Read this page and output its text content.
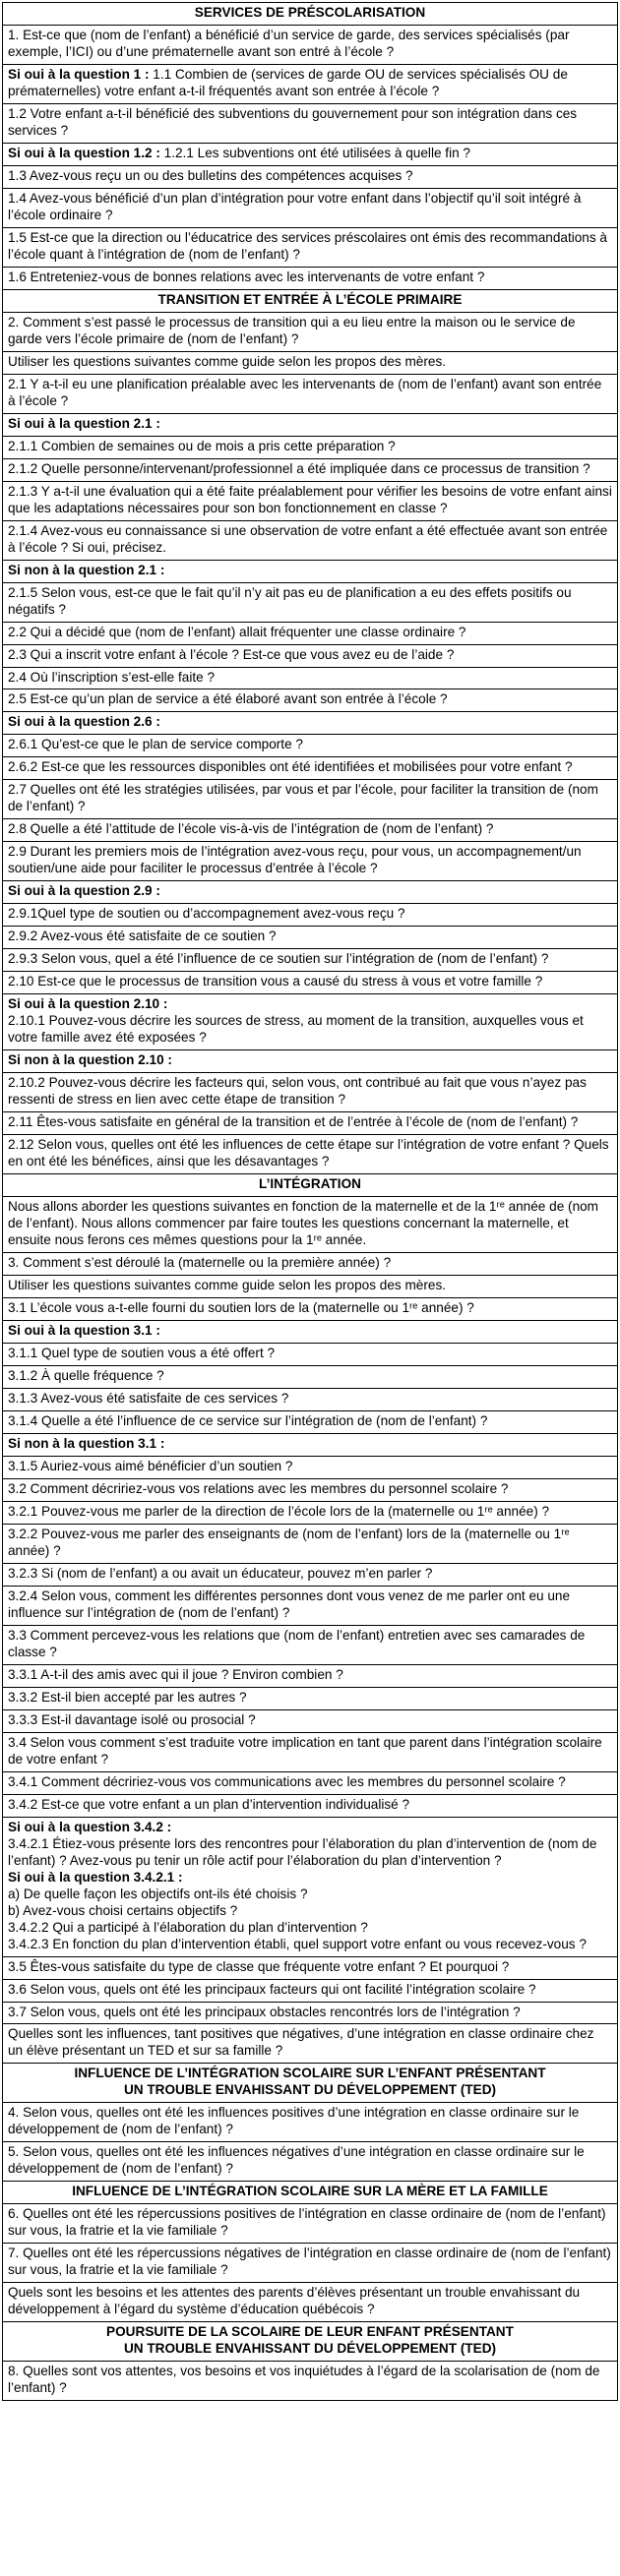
SERVICES DE PRÉSCOLARISATION
1. Est-ce que (nom de l’enfant) a bénéficié d’un service de garde, des services spécialisés (par exemple, l’ICI) ou d’une prématernelle avant son entré à l’école ?
Si oui à la question 1 : 1.1 Combien de (services de garde OU de services spécialisés OU de prématernelles) votre enfant a-t-il fréquentés avant son entrée à l’école ?
1.2 Votre enfant a-t-il bénéficié des subventions du gouvernement pour son intégration dans ces services ?
Si oui à la question 1.2 : 1.2.1 Les subventions ont été utilisées à quelle fin ?
1.3 Avez-vous reçu un ou des bulletins des compétences acquises ?
1.4 Avez-vous bénéficié d’un plan d’intégration pour votre enfant dans l’objectif qu’il soit intégré à l’école ordinaire ?
1.5 Est-ce que la direction ou l’éducatrice des services préscolaires ont émis des recommandations à l’école quant à l’intégration de (nom de l’enfant) ?
1.6 Entreteniez-vous de bonnes relations avec les intervenants de votre enfant ?
TRANSITION ET ENTRÉE À L’ÉCOLE PRIMAIRE
2. Comment s’est passé le processus de transition qui a eu lieu entre la maison ou le service de garde vers l’école primaire de (nom de l’enfant) ?
Utiliser les questions suivantes comme guide selon les propos des mères.
2.1 Y a-t-il eu une planification préalable avec les intervenants de (nom de l’enfant) avant son entrée à l’école ?
Si oui à la question 2.1 :
2.1.1 Combien de semaines ou de mois a pris cette préparation ?
2.1.2 Quelle personne/intervenant/professionnel a été impliquée dans ce processus de transition ?
2.1.3 Y a-t-il une évaluation qui a été faite préalablement pour vérifier les besoins de votre enfant ainsi que les adaptations nécessaires pour son bon fonctionnement en classe ?
2.1.4 Avez-vous eu connaissance si une observation de votre enfant a été effectuée avant son entrée à l’école ? Si oui, précisez.
Si non à la question 2.1 :
2.1.5 Selon vous, est-ce que le fait qu’il n’y ait pas eu de planification a eu des effets positifs ou négatifs ?
2.2 Qui a décidé que (nom de l’enfant) allait fréquenter une classe ordinaire ?
2.3 Qui a inscrit votre enfant à l’école ? Est-ce que vous avez eu de l’aide ?
2.4 Où l’inscription s’est-elle faite ?
2.5 Est-ce qu’un plan de service a été élaboré avant son entrée à l’école ?
Si oui à la question 2.6 :
2.6.1 Qu’est-ce que le plan de service comporte ?
2.6.2 Est-ce que les ressources disponibles ont été identifiées et mobilisées pour votre enfant ?
2.7 Quelles ont été les stratégies utilisées, par vous et par l’école, pour faciliter la transition de (nom de l’enfant) ?
2.8 Quelle a été l’attitude de l’école vis-à-vis de l’intégration de (nom de l’enfant) ?
2.9 Durant les premiers mois de l’intégration avez-vous reçu, pour vous, un accompagnement/un soutien/une aide pour faciliter le processus d’entrée à l’école ?
Si oui à la question 2.9 :
2.9.1Quel type de soutien ou d’accompagnement avez-vous reçu ?
2.9.2 Avez-vous été satisfaite de ce soutien ?
2.9.3 Selon vous, quel a été l’influence de ce soutien sur l’intégration de (nom de l’enfant) ?
2.10 Est-ce que le processus de transition vous a causé du stress à vous et votre famille ?
Si oui à la question 2.10 :
2.10.1 Pouvez-vous décrire les sources de stress, au moment de la transition, auxquelles vous et votre famille avez été exposées ?
Si non à la question 2.10 :
2.10.2 Pouvez-vous décrire les facteurs qui, selon vous, ont contribué au fait que vous n’ayez pas ressenti de stress en lien avec cette étape de transition ?
2.11 Êtes-vous satisfaite en général de la transition et de l’entrée à l’école de (nom de l’enfant) ?
2.12 Selon vous, quelles ont été les influences de cette étape sur l’intégration de votre enfant ? Quels en ont été les bénéfices, ainsi que les désavantages ?
L’INTÉGRATION
Nous allons aborder les questions suivantes en fonction de la maternelle et de la 1ʳᵉ année de (nom de l’enfant). Nous allons commencer par faire toutes les questions concernant la maternelle, et ensuite nous ferons ces mêmes questions pour la 1ʳᵉ année.
3. Comment s’est déroulé la (maternelle ou la première année) ?
Utiliser les questions suivantes comme guide selon les propos des mères.
3.1 L’école vous a-t-elle fourni du soutien lors de la (maternelle ou 1ʳᵉ année) ?
Si oui à la question 3.1 :
3.1.1 Quel type de soutien vous a été offert ?
3.1.2 À quelle fréquence ?
3.1.3 Avez-vous été satisfaite de ces services ?
3.1.4 Quelle a été l’influence de ce service sur l’intégration de (nom de l’enfant) ?
Si non à la question 3.1 :
3.1.5 Auriez-vous aimé bénéficier d’un soutien ?
3.2 Comment décririez-vous vos relations avec les membres du personnel scolaire ?
3.2.1 Pouvez-vous me parler de la direction de l’école lors de la (maternelle ou 1ʳᵉ année) ?
3.2.2 Pouvez-vous me parler des enseignants de (nom de l’enfant) lors de la (maternelle ou 1ʳᵉ année) ?
3.2.3 Si (nom de l’enfant) a ou avait un éducateur, pouvez m’en parler ?
3.2.4 Selon vous, comment les différentes personnes dont vous venez de me parler ont eu une influence sur l’intégration de (nom de l’enfant) ?
3.3 Comment percevez-vous les relations que (nom de l’enfant) entretien avec ses camarades de classe ?
3.3.1 A-t-il des amis avec qui il joue ? Environ combien ?
3.3.2 Est-il bien accepté par les autres ?
3.3.3 Est-il davantage isolé ou prosocial ?
3.4 Selon vous comment s’est traduite votre implication en tant que parent dans l’intégration scolaire de votre enfant ?
3.4.1 Comment décririez-vous vos communications avec les membres du personnel scolaire ?
3.4.2 Est-ce que votre enfant a un plan d’intervention individualisé ?
Si oui à la question 3.4.2 :
3.4.2.1 Étiez-vous présente lors des rencontres pour l’élaboration du plan d’intervention de (nom de l’enfant) ? Avez-vous pu tenir un rôle actif pour l’élaboration du plan d’intervention ?
Si oui à la question 3.4.2.1 :
a) De quelle façon les objectifs ont-ils été choisis ?
b) Avez-vous choisi certains objectifs ?
3.4.2.2 Qui a participé à l’élaboration du plan d’intervention ?
3.4.2.3 En fonction du plan d’intervention établi, quel support votre enfant ou vous recevez-vous ?
3.5 Êtes-vous satisfaite du type de classe que fréquente votre enfant ? Et pourquoi ?
3.6 Selon vous, quels ont été les principaux facteurs qui ont facilité l’intégration scolaire ?
3.7 Selon vous, quels ont été les principaux obstacles rencontrés lors de l’intégration ?
Quelles sont les influences, tant positives que négatives, d’une intégration en classe ordinaire chez un élève présentant un TED et sur sa famille ?
INFLUENCE DE L’INTÉGRATION SCOLAIRE SUR L’ENFANT PRÉSENTANT
UN TROUBLE ENVAHISSANT DU DÉVELOPPEMENT (TED)
4. Selon vous, quelles ont été les influences positives d’une intégration en classe ordinaire sur le développement de (nom de l’enfant) ?
5. Selon vous, quelles ont été les influences négatives d’une intégration en classe ordinaire sur le développement de (nom de l’enfant) ?
INFLUENCE DE L’INTÉGRATION SCOLAIRE SUR LA MÈRE ET LA FAMILLE
6. Quelles ont été les répercussions positives de l’intégration en classe ordinaire de (nom de l’enfant) sur vous, la fratrie et la vie familiale ?
7. Quelles ont été les répercussions négatives de l’intégration en classe ordinaire de (nom de l’enfant) sur vous, la fratrie et la vie familiale ?
Quels sont les besoins et les attentes des parents d’élèves présentant un trouble envahissant du développement à l’égard du système d’éducation québécois ?
POURSUITE DE LA SCOLAIRE DE LEUR ENFANT PRÉSENTANT
UN TROUBLE ENVAHISSANT DU DÉVELOPPEMENT (TED)
8. Quelles sont vos attentes, vos besoins et vos inquiétudes à l’égard de la scolarisation de (nom de l’enfant) ?
